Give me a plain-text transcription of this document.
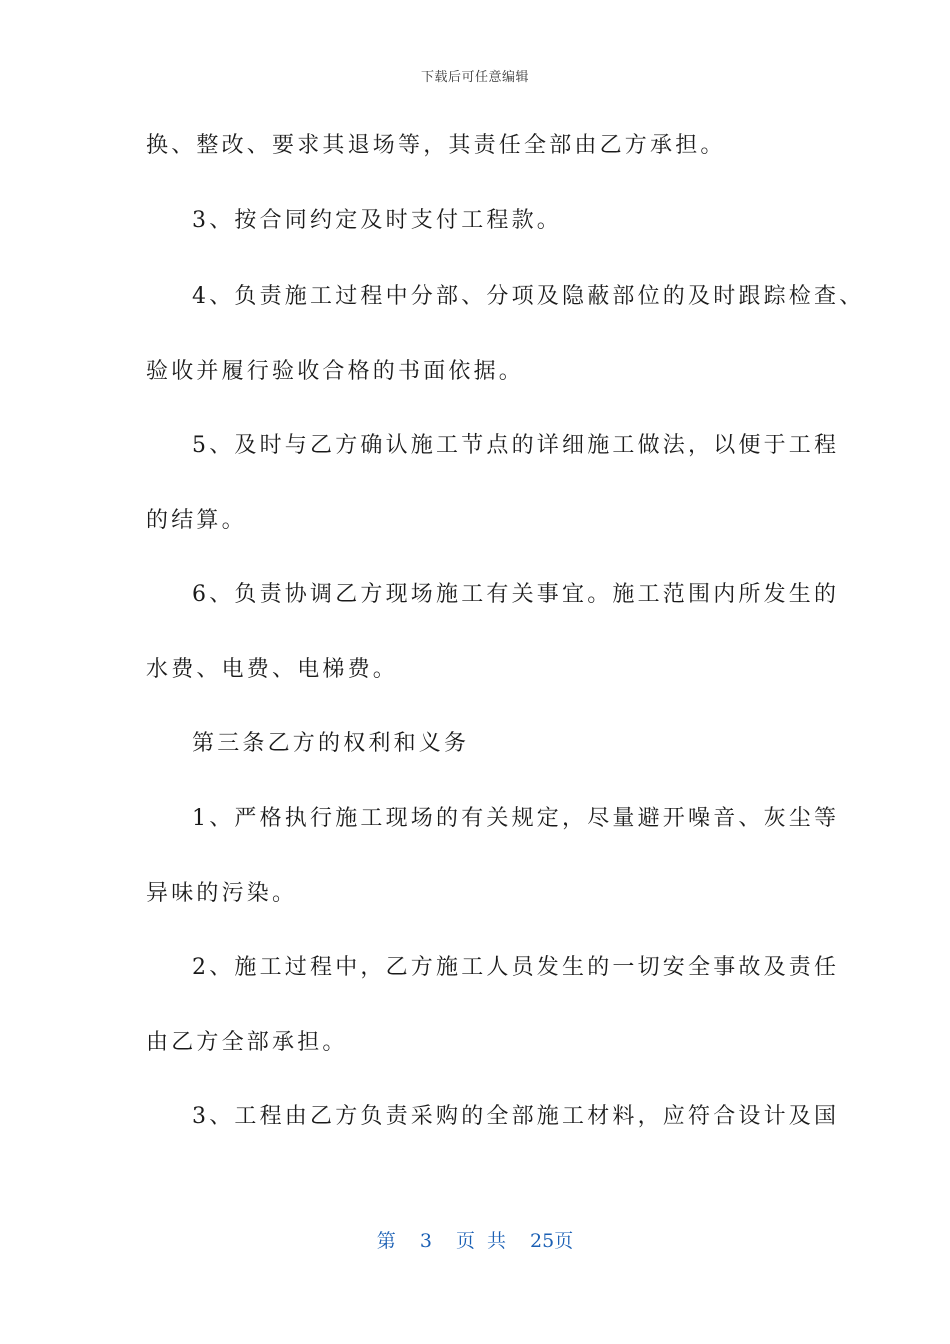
下载后可任意编辑
换、整改、要求其退场等，其责任全部由乙方承担。
3、按合同约定及时支付工程款。
4、负责施工过程中分部、分项及隐蔽部位的及时跟踪检查、
验收并履行验收合格的书面依据。
5、及时与乙方确认施工节点的详细施工做法，以便于工程
的结算。
6、负责协调乙方现场施工有关事宜。施工范围内所发生的
水费、电费、电梯费。
第三条乙方的权利和义务
1、严格执行施工现场的有关规定，尽量避开噪音、灰尘等
异味的污染。
2、施工过程中，乙方施工人员发生的一切安全事故及责任
由乙方全部承担。
3、工程由乙方负责采购的全部施工材料，应符合设计及国
第 3 页 共 25页
